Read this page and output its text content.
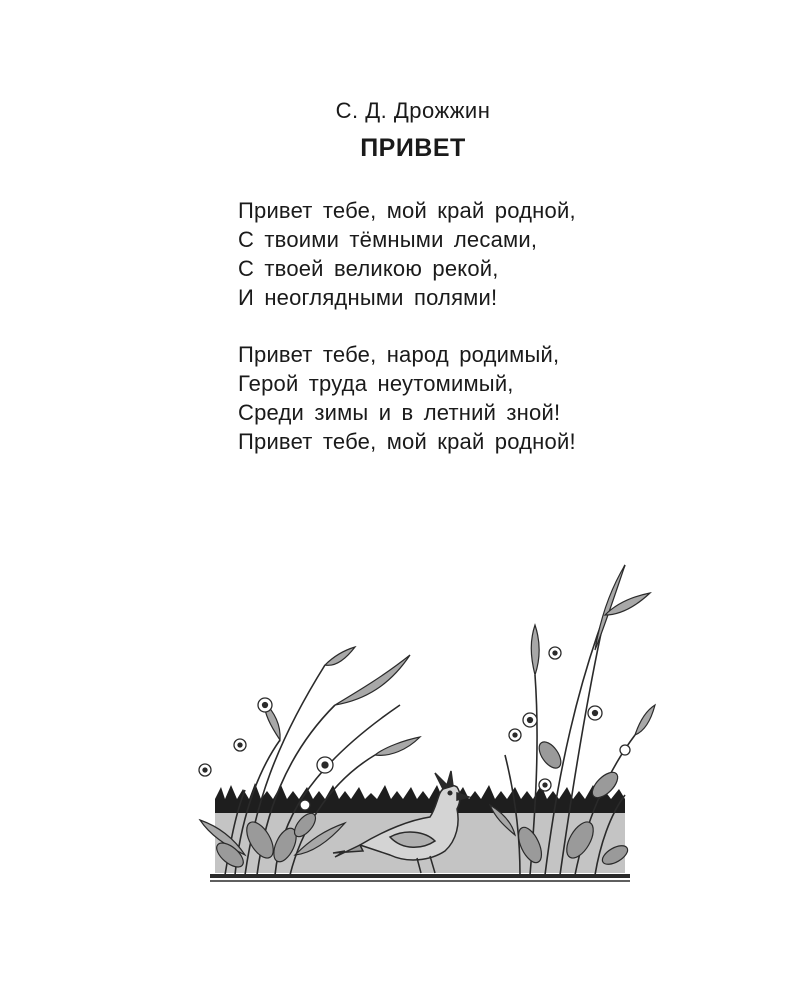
С. Д. Дрожжин
ПРИВЕТ
Привет тебе, мой край родной,
С твоими тёмными лесами,
С твоей великою рекой,
И неоглядными полями!
Привет тебе, народ родимый,
Герой труда неутомимый,
Среди зимы и в летний зной!
Привет тебе, мой край родной!
